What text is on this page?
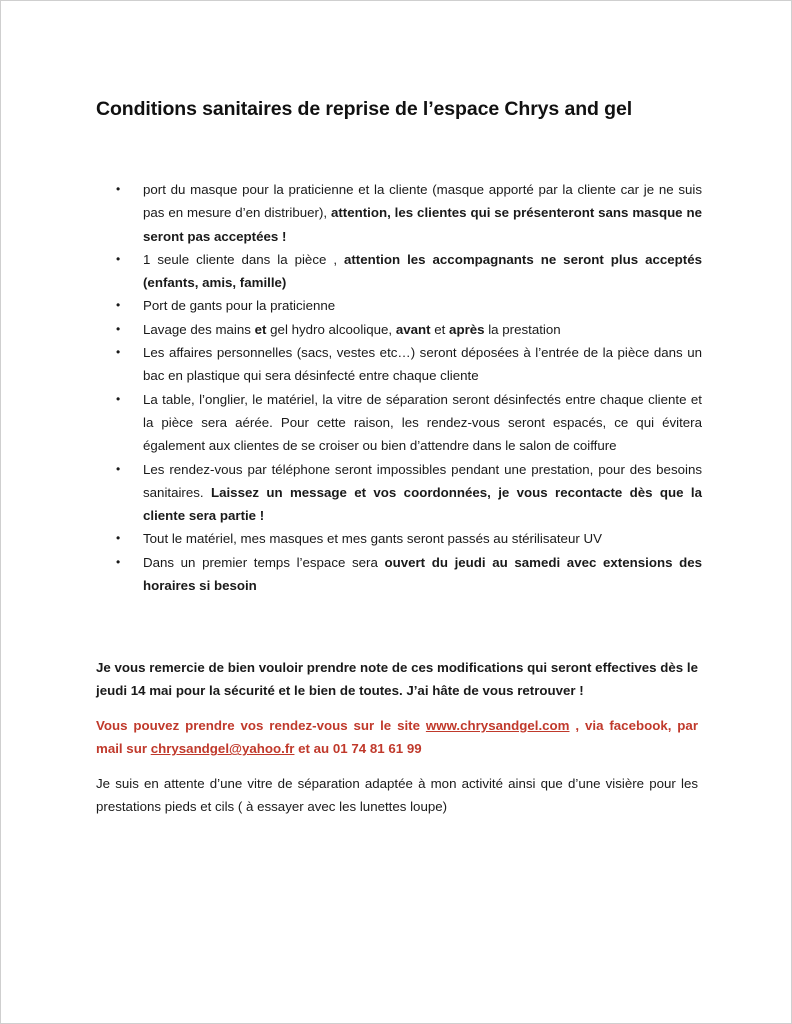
Conditions sanitaires de reprise de l’espace Chrys and gel
• port du masque pour la praticienne et la cliente (masque apporté par la cliente car je ne suis pas en mesure d’en distribuer), attention, les clientes qui se présenteront sans masque ne seront pas acceptées !
• 1 seule cliente dans la pièce , attention les accompagnants ne seront plus acceptés (enfants, amis, famille)
• Port de gants pour la praticienne
• Lavage des mains et gel hydro alcoolique, avant et après la prestation
• Les affaires personnelles (sacs, vestes etc…) seront déposées à l’entrée de la pièce dans un bac en plastique qui sera désinfecté entre chaque cliente
• La table, l’onglier, le matériel, la vitre de séparation seront désinfectés entre chaque cliente et la pièce sera aérée. Pour cette raison, les rendez-vous seront espacés, ce qui évitera également aux clientes de se croiser ou bien d’attendre dans le salon de coiffure
• Les rendez-vous par téléphone seront impossibles pendant une prestation, pour des besoins sanitaires. Laissez un message et vos coordonnées, je vous recontacte dès que la cliente sera partie !
• Tout le matériel, mes masques et mes gants seront passés au stérilisateur UV
• Dans un premier temps l’espace sera ouvert du jeudi au samedi avec extensions des horaires si besoin

Je vous remercie de bien vouloir prendre note de ces modifications qui seront effectives dès le jeudi 14 mai pour la sécurité et le bien de toutes. J’ai hâte de vous retrouver !

Vous pouvez prendre vos rendez-vous sur le site www.chrysandgel.com , via facebook, par mail sur chrysandgel@yahoo.fr et au 01 74 81 61 99

Je suis en attente d’une vitre de séparation adaptée à mon activité ainsi que d’une visière pour les prestations pieds et cils ( à essayer avec les lunettes loupe)
